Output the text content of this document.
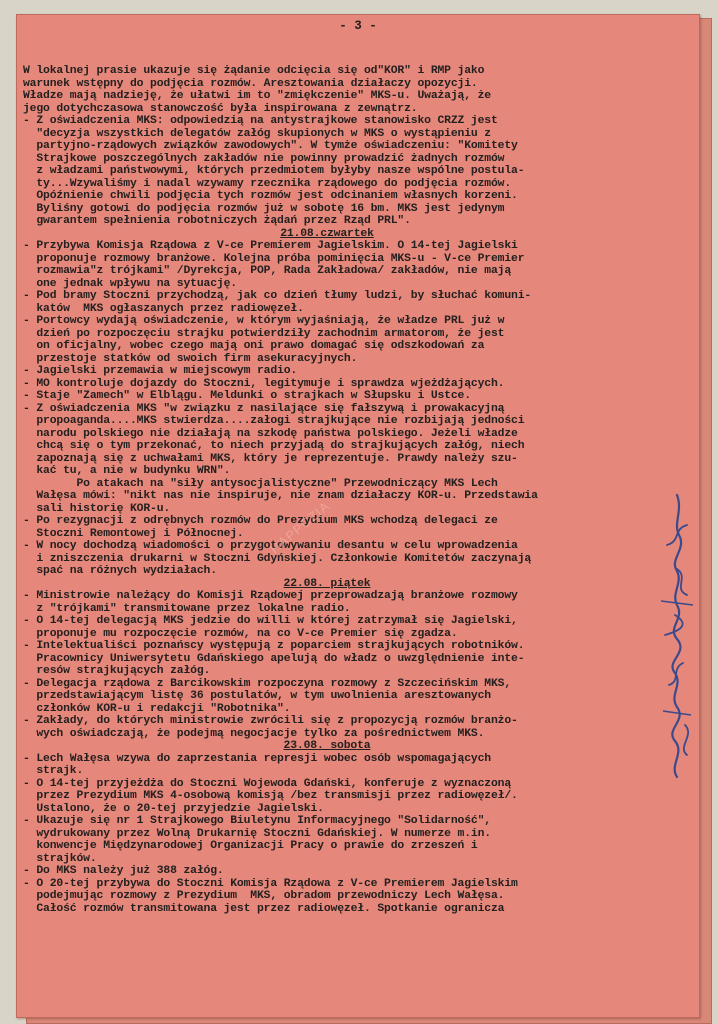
- 3 -
W lokalnej prasie ukazuje się żądanie odcięcia się od"KOR" i RMP jako
warunek wstępny do podjęcia rozmów. Aresztowania działaczy opozycji.
Władze mają nadzieję, że ułatwi im to "zmiękczenie" MKS-u. Uważają, że
jego dotychczasowa stanowczość była inspirowana z zewnątrz.
- Z oświadczenia MKS: odpowiedzią na antystrajkowe stanowisko CRZZ jest
"decyzja wszystkich delegatów załóg skupionych w MKS o wystąpieniu z
partyjno-rządowych związków zawodowych". W tymże oświadczeniu: "Komitety
Strajkowe poszczególnych zakładów nie powinny prowadzić żadnych rozmów
z władzami państwowymi, których przedmiotem byłyby nasze wspólne postula-
ty...Wzywaliśmy i nadal wzywamy rzecznika rządowego do podjęcia rozmów.
Opóźnienie chwili podjęcia tych rozmów jest odcinaniem własnych korzeni.
Byliśny gotowi do podjęcia rozmów już w sobotę 16 bm. MKS jest jedynym
gwarantem spełnienia robotniczych żądań przez Rząd PRL".
21.08.czwartek
- Przybywa Komisja Rządowa z V-ce Premierem Jagielskim. O 14-tej Jagielski
proponuje rozmowy branżowe. Kolejna próba pominięcia MKS-u - V-ce Premier
rozmawia"z trójkami" /Dyrekcja, POP, Rada Zakładowa/ zakładów, nie mają
one jednak wpływu na sytuację.
- Pod bramy Stoczni przychodzą, jak co dzień tłumy ludzi, by słuchać komuni-
katów  MKS ogłaszanych przez radiowęzeł.
- Portowcy wydają oświadczenie, w którym wyjaśniają, że władze PRL już w
dzień po rozpoczęciu strajku potwierdziły zachodnim armatorom, że jest
on oficjalny, wobec czego mają oni prawo domagać się odszkodowań za
przestoje statków od swoich firm asekuracyjnych.
- Jagielski przemawia w miejscowym radio.
- MO kontroluje dojazdy do Stoczni, legitymuje i sprawdza wjeżdżających.
- Staje "Zamech" w Elblągu. Meldunki o strajkach w Słupsku i Ustce.
- Z oświadczenia MKS "w związku z nasilające się fałszywą i prowakacyjną
propoaganda....MKS stwierdza....załogi strajkujące nie rozbijają jedności
narodu polskiego nie działają na szkodę państwa polskiego. Jeżeli władze
chcą się o tym przekonać, to niech przyjadą do strajkujących załóg, niech
zapoznają się z uchwałami MKS, który je reprezentuje. Prawdy należy szu-
kać tu, a nie w budynku WRN".
Po atakach na "siły antysocjalistyczne" Przewodniczący MKS Lech
Wałęsa mówi: "nikt nas nie inspiruje, nie znam działaczy KOR-u. Przedstawia
sali historię KOR-u.
- Po rezygnacji z odrębnych rozmów do Prezydium MKS wchodzą delegaci ze
Stoczni Remontowej i Północnej.
- W nocy dochodzą wiadomości o przygotowywaniu desantu w celu wprowadzenia
i zniszczenia drukarni w Stoczni Gdyńskiej. Członkowie Komitetów zaczynają
spać na różnych wydziałach.
22.08. piątek
- Ministrowie należący do Komisji Rządowej przeprowadzają branżowe rozmowy
z "trójkami" transmitowane przez lokalne radio.
- O 14-tej delegacją MKS jedzie do willi w której zatrzymał się Jagielski,
proponuje mu rozpoczęcie rozmów, na co V-ce Premier się zgadza.
- Intelektualiści poznańscy występują z poparciem strajkujących robotników.
Pracownicy Uniwersytetu Gdańskiego apelują do władz o uwzględnienie inte-
resów strajkujących załóg.
- Delegacja rządowa z Barcikowskim rozpoczyna rozmowy z Szczecińskim MKS,
przedstawiającym listę 36 postulatów, w tym uwolnienia aresztowanych
członków KOR-u i redakcji "Robotnika".
- Zakłady, do których ministrowie zwrócili się z propozycją rozmów branżo-
wych oświadczają, że podejmą negocjacje tylko za pośrednictwem MKS.
23.08. sobota
- Lech Wałęsa wzywa do zaprzestania represji wobec osób wspomagających
strajk.
- O 14-tej przyjeżdża do Stoczni Wojewoda Gdański, konferuje z wyznaczoną
przez Prezydium MKS 4-osobową komisją /bez transmisji przez radiowęzeł/.
Ustalono, że o 20-tej przyjedzie Jagielski.
- Ukazuje się nr 1 Strajkowego Biuletynu Informacyjnego "Solidarność",
wydrukowany przez Wolną Drukarnię Stoczni Gdańskiej. W numerze m.in.
konwencje Międzynarodowej Organizacji Pracy o prawie do zrzeszeń i
strajków.
- Do MKS należy już 388 załóg.
- O 20-tej przybywa do Stoczni Komisja Rządowa z V-ce Premierem Jagielskim
podejmując rozmowy z Prezydium  MKS, obradom przewodniczy Lech Wałęsa.
Całość rozmów transmitowana jest przez radiowęzeł. Spotkanie ogranicza
HAPPCZIA
